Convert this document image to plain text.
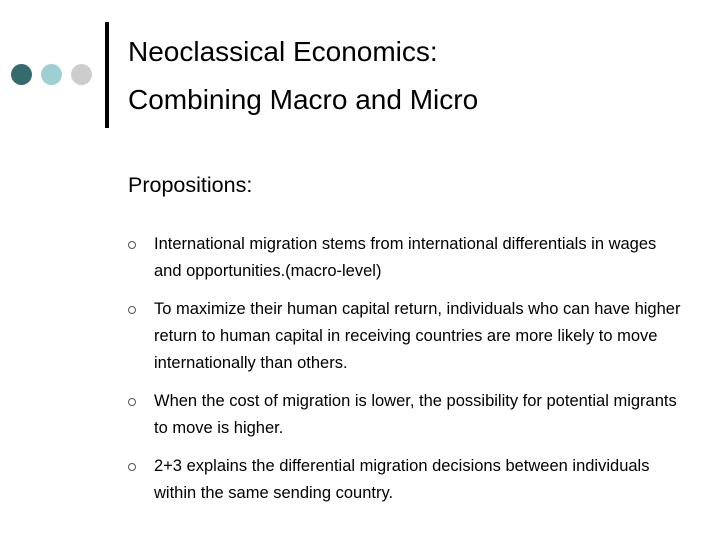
Neoclassical Economics:
Combining Macro and Micro
Propositions:
International migration stems from international differentials in wages and opportunities.(macro-level)
To maximize their human capital return, individuals who can have higher return to human capital in receiving countries are more likely to move internationally than others.
When the cost of migration is lower, the possibility for potential migrants to move is higher.
2+3 explains the differential migration decisions between individuals within the same sending country.
